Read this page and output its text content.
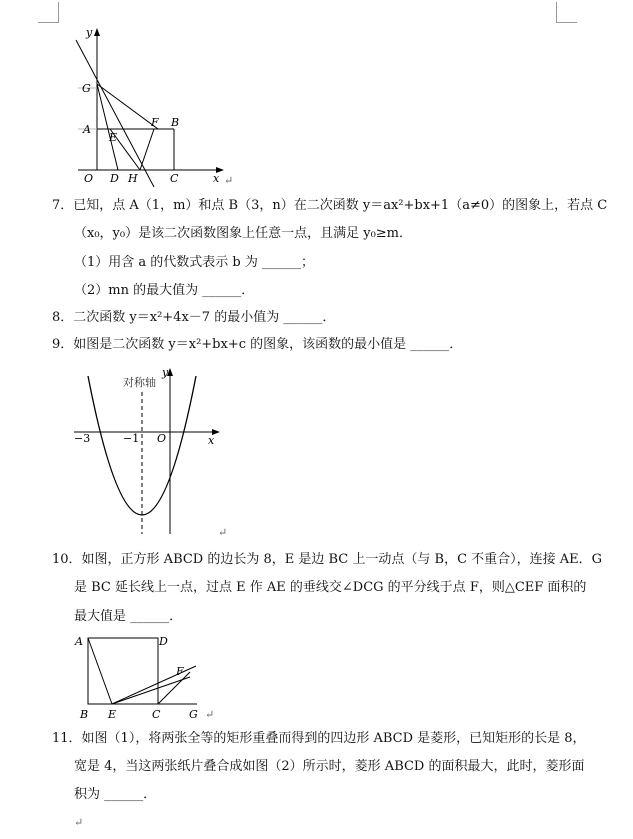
y
x
G
A
E
F B
O D H	C	↵
7．已知，点 A（1，m）和点 B（3，n）在二次函数 y＝ax²+bx+1（a≠0）的图象上，若点 C
（x₀，y₀）是该二次函数图象上任意一点，且满足 y₀≥m．
（1）用含 a 的代数式表示 b 为 ______；
（2）mn 的最大值为 ______．
8．二次函数 y＝x²+4x－7 的最小值为 ______．
9．如图是二次函数 y＝x²+bx+c 的图象，该函数的最小值是 ______．
对称轴
y
x
−3	−1 O
↵
10．如图，正方形 ABCD 的边长为 8，E 是边 BC 上一动点（与 B，C 不重合），连接 AE．G
是 BC 延长线上一点，过点 E 作 AE 的垂线交∠DCG 的平分线于点 F，则△CEF 面积的
最大值是 ______．
A	D
F
B E	C	G ↵
11．如图（1），将两张全等的矩形重叠而得到的四边形 ABCD 是菱形，已知矩形的长是 8，
宽是 4，当这两张纸片叠合成如图（2）所示时，菱形 ABCD 的面积最大，此时，菱形面
积为 ______．
↵
